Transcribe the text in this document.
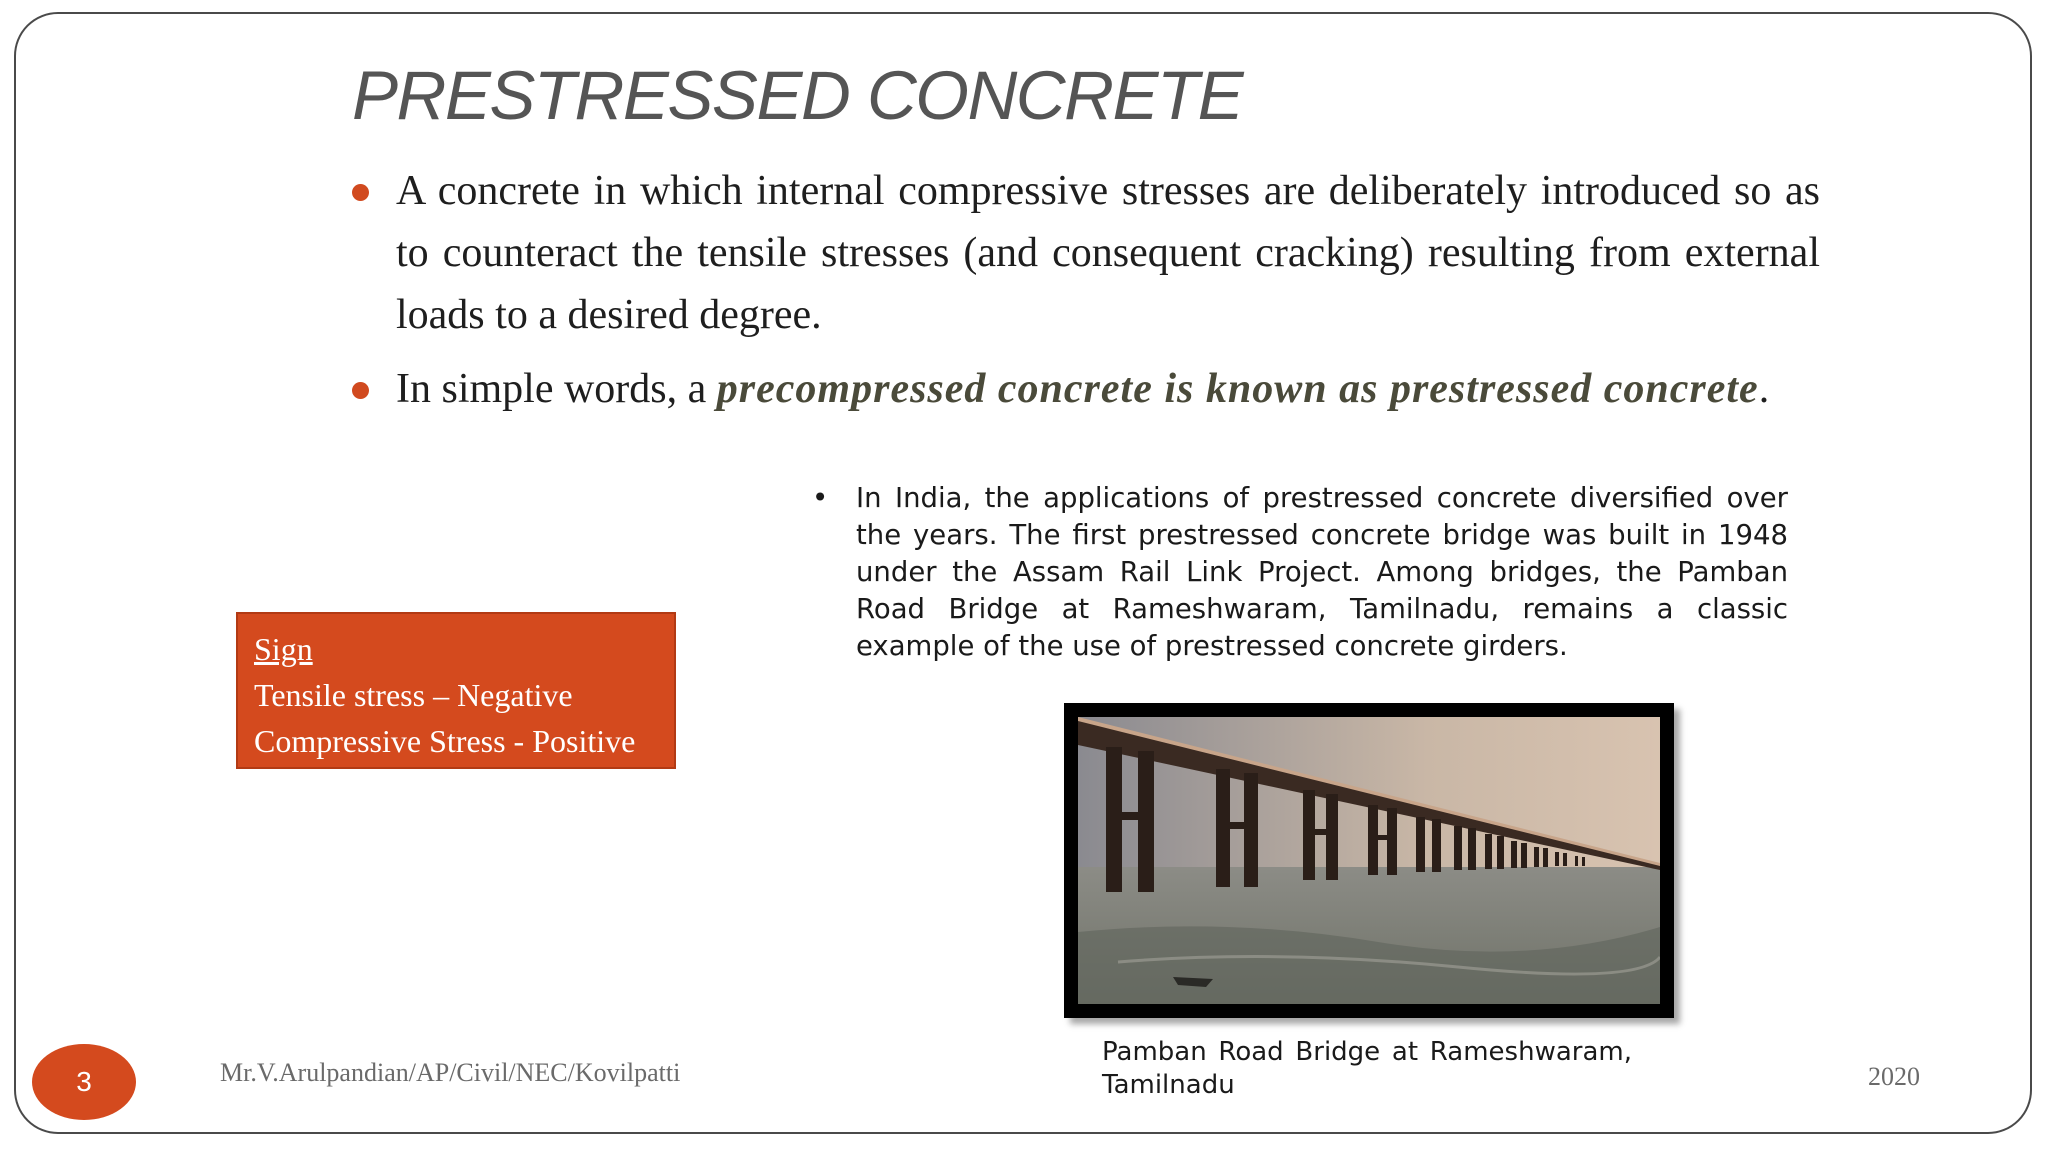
PRESTRESSED CONCRETE
A concrete in which internal compressive stresses are deliberately introduced so as to counteract the tensile stresses (and consequent cracking) resulting from external loads to a desired degree.
In simple words, a precompressed concrete is known as prestressed concrete.
• In India, the applications of prestressed concrete diversified over the years. The first prestressed concrete bridge was built in 1948 under the Assam Rail Link Project. Among bridges, the Pamban Road Bridge at Rameshwaram, Tamilnadu, remains a classic example of the use of prestressed concrete girders.
Sign
Tensile stress – Negative
Compressive Stress - Positive
Pamban Road Bridge at Rameshwaram, Tamilnadu
3	Mr.V.Arulpandian/AP/Civil/NEC/Kovilpatti	2020
